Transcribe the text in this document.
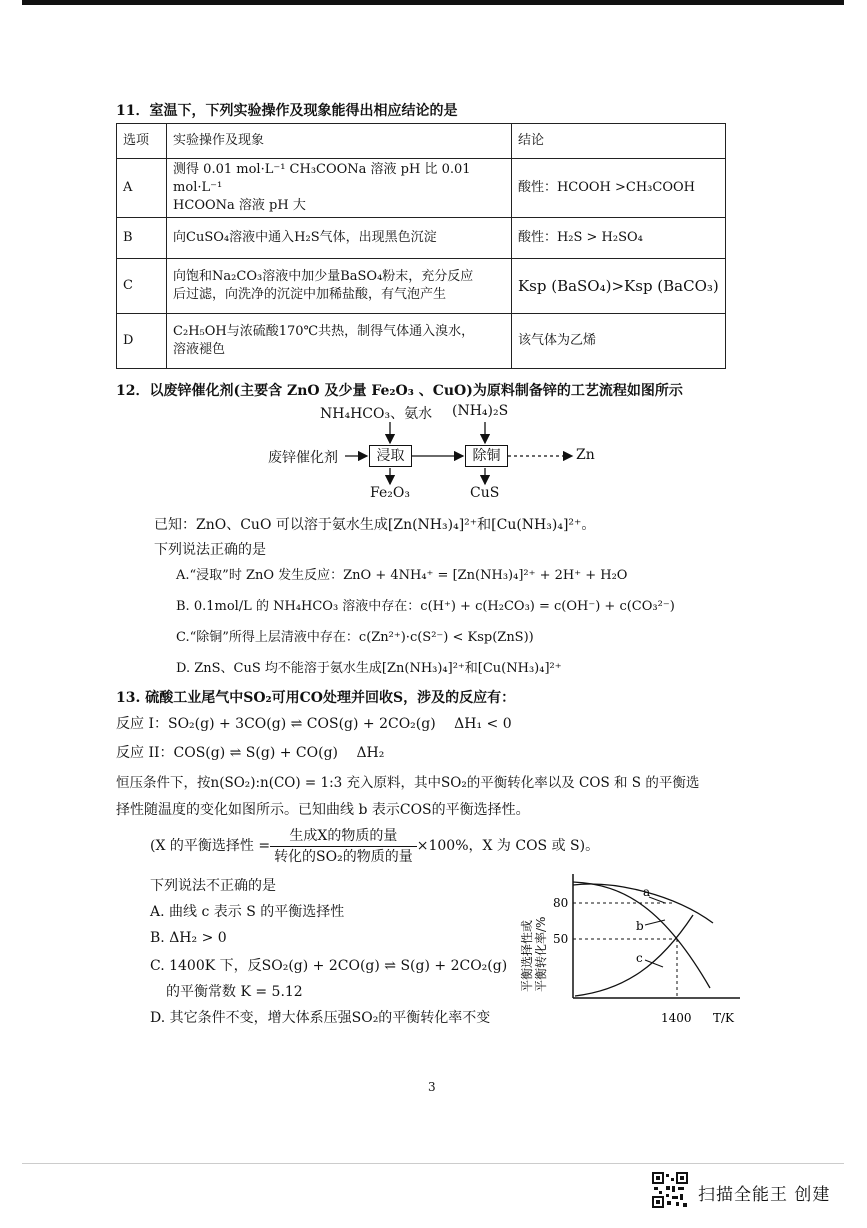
11．室温下，下列实验操作及现象能得出相应结论的是
选项	实验操作及现象	结论
A	测得 0.01 mol·L⁻¹ CH₃COONa 溶液 pH 比 0.01 mol·L⁻¹
HCOONa 溶液 pH 大	酸性：HCOOH >CH₃COOH
B	向CuSO₄溶液中通入H₂S气体，出现黑色沉淀	酸性：H₂S > H₂SO₄
C	向饱和Na₂CO₃溶液中加少量BaSO₄粉末，充分反应
后过滤，向洗净的沉淀中加稀盐酸，有气泡产生	Ksp (BaSO₄)>Ksp (BaCO₃)
D	C₂H₅OH与浓硫酸170℃共热，制得气体通入溴水，
溶液褪色	该气体为乙烯
12．以废锌催化剂(主要含 ZnO 及少量 Fe₂O₃ 、CuO)为原料制备锌的工艺流程如图所示
NH₄HCO₃、氨水 (NH₄)₂S
废锌催化剂	浸取	除铜	Zn
Fe₂O₃	CuS
已知：ZnO、CuO 可以溶于氨水生成[Zn(NH₃)₄]²⁺和[Cu(NH₃)₄]²⁺。
下列说法正确的是
A.“浸取”时 ZnO 发生反应：ZnO + 4NH₄⁺ = [Zn(NH₃)₄]²⁺ + 2H⁺ + H₂O
B. 0.1mol/L 的 NH₄HCO₃ 溶液中存在：c(H⁺) + c(H₂CO₃) = c(OH⁻) + c(CO₃²⁻)
C.“除铜”所得上层清液中存在：c(Zn²⁺)·c(S²⁻) < Ksp(ZnS))
D. ZnS、CuS 均不能溶于氨水生成[Zn(NH₃)₄]²⁺和[Cu(NH₃)₄]²⁺
13. 硫酸工业尾气中SO₂可用CO处理并回收S，涉及的反应有：
反应 I：SO₂(g) + 3CO(g) ⇌ COS(g) + 2CO₂(g)　 ΔH₁ < 0
反应 II：COS(g) ⇌ S(g) + CO(g)　 ΔH₂
恒压条件下，按n(SO₂):n(CO) = 1:3 充入原料，其中SO₂的平衡转化率以及 COS 和 S 的平衡选
择性随温度的变化如图所示。已知曲线 b 表示COS的平衡选择性。
(X 的平衡选择性 = $\frac{\text{生成X的物质的量}}{\text{转化的SO₂的物质的量}} \times 100\%$，X 为 COS 或 S)。
下列说法不正确的是
A. 曲线 c 表示 S 的平衡选择性
B. ΔH₂ > 0
C. 1400K 下，反SO₂(g) + 2CO(g) ⇌ S(g) + 2CO₂(g)
的平衡常数 K = 5.12
D. 其它条件不变，增大体系压强SO₂的平衡转化率不变
a
b
c
80
50
1400 T/K
平衡选择性或 平衡转化率/%
3
扫描全能王 创建
